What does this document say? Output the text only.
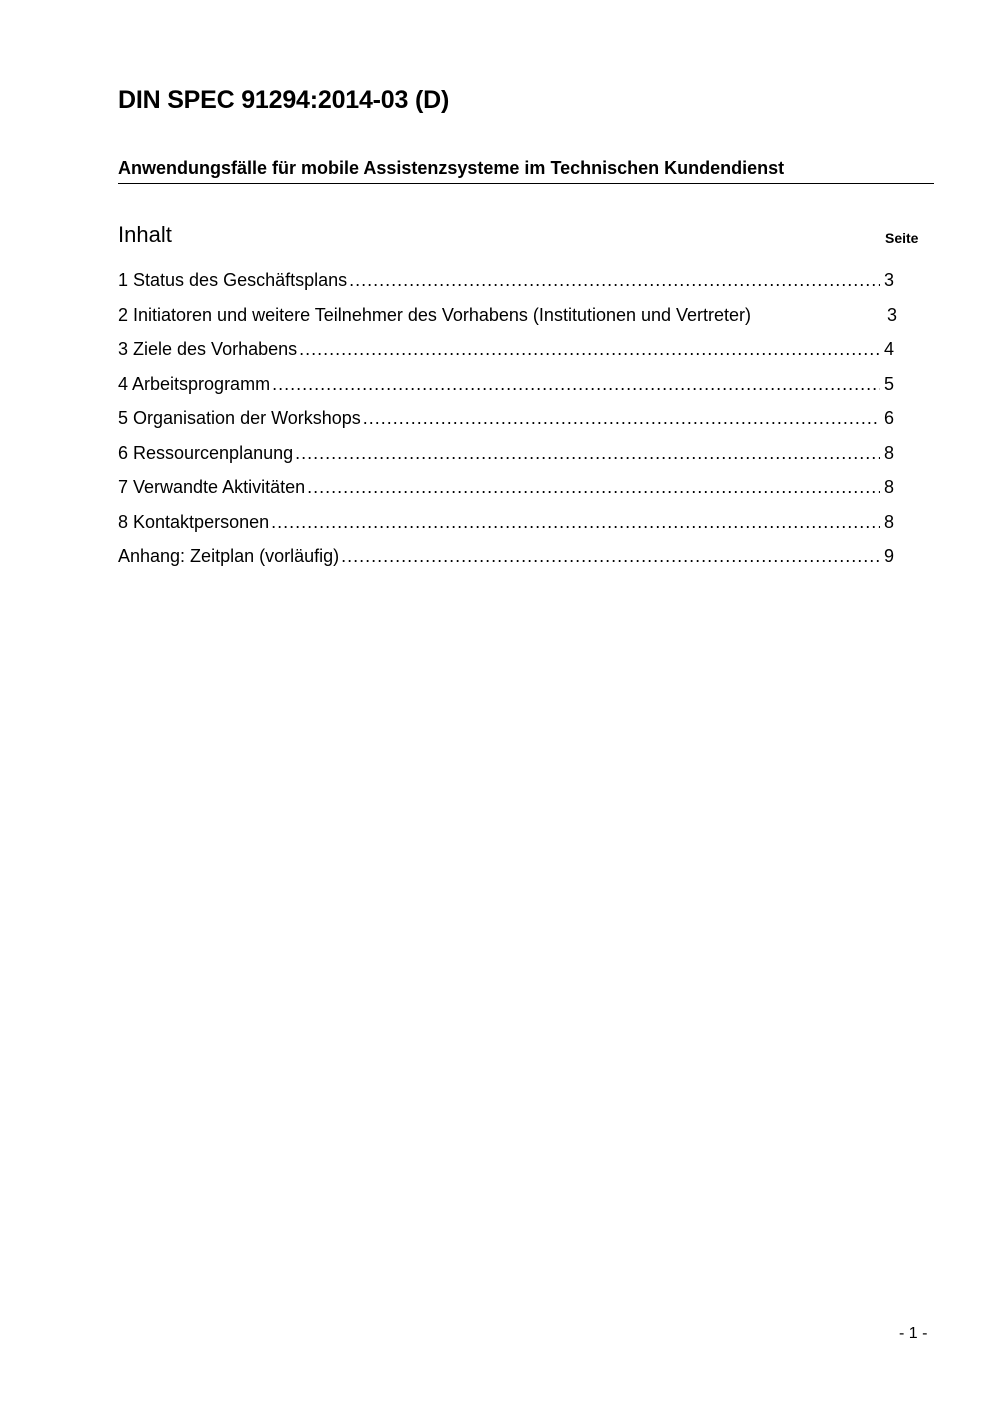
DIN SPEC 91294:2014-03 (D)
Anwendungsfälle für mobile Assistenzsysteme im Technischen Kundendienst
Inhalt	Seite
1 Status des Geschäftsplans .....	3
2 Initiatoren und weitere Teilnehmer des Vorhabens (Institutionen und Vertreter)	3
3 Ziele des Vorhabens .....	4
4 Arbeitsprogramm .....	5
5 Organisation der Workshops .....	6
6 Ressourcenplanung .....	8
7 Verwandte Aktivitäten .....	8
8 Kontaktpersonen .....	8
Anhang: Zeitplan (vorläufig) .....	9
- 1 -
